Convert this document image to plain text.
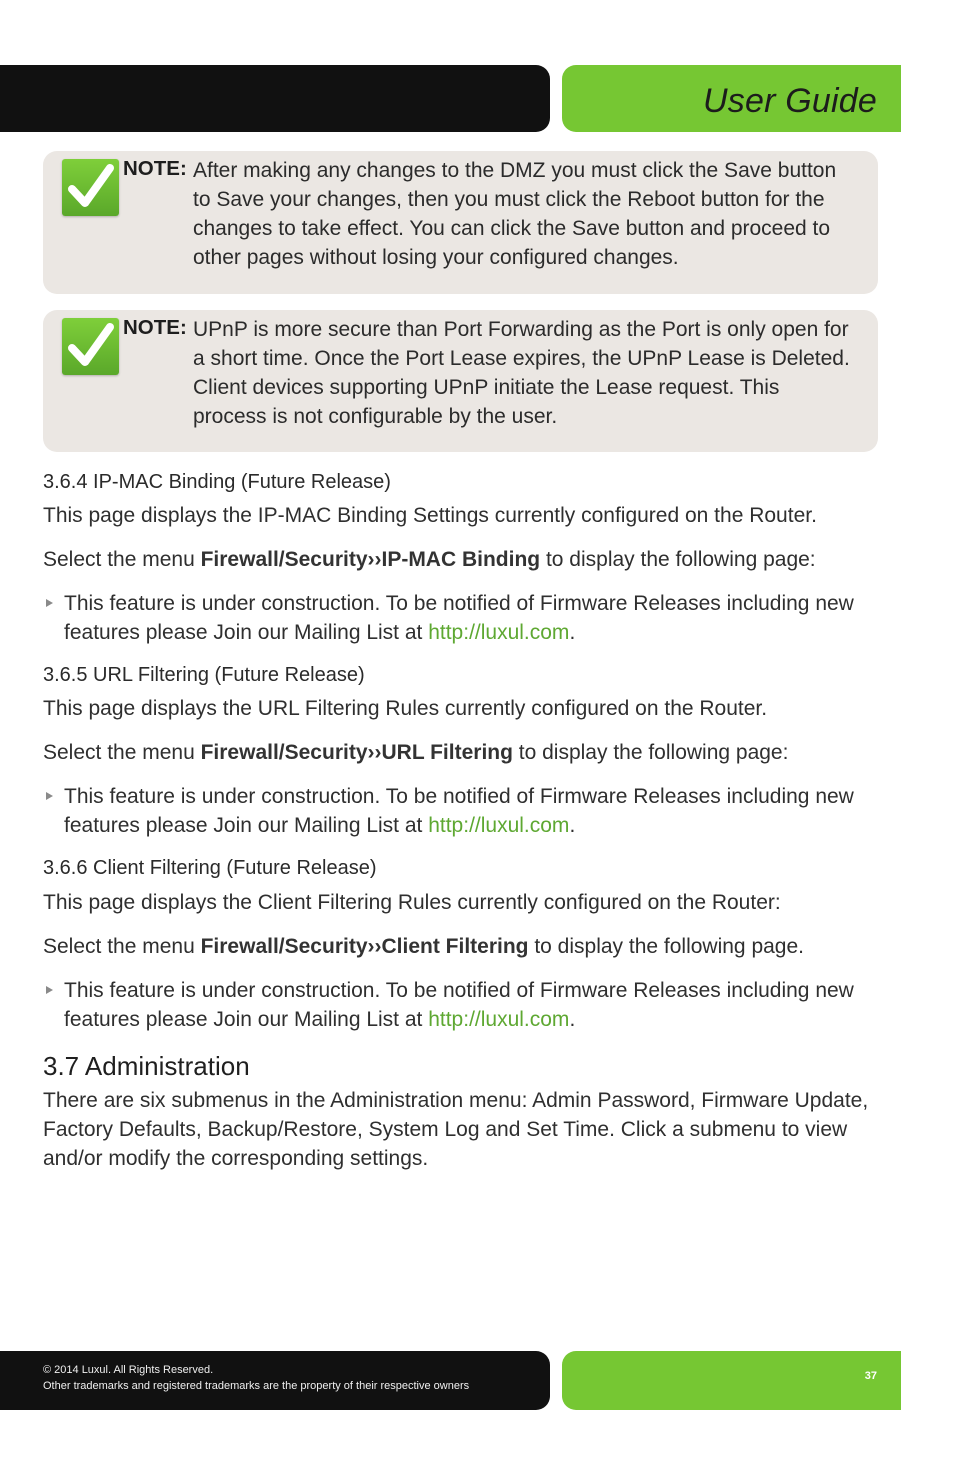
User Guide
NOTE: After making any changes to the DMZ you must click the Save button
to Save your changes, then you must click the Reboot button for the
changes to take effect. You can click the Save button and proceed to
other pages without losing your configured changes.
NOTE: UPnP is more secure than Port Forwarding as the Port is only open for
a short time. Once the Port Lease expires, the UPnP Lease is Deleted.
Client devices supporting UPnP initiate the Lease request. This
process is not configurable by the user.
3.6.4 IP-MAC Binding (Future Release)
This page displays the IP-MAC Binding Settings currently configured on the Router.
Select the menu Firewall/Security››IP-MAC Binding to display the following page:
This feature is under construction. To be notified of Firmware Releases including new
features please Join our Mailing List at http://luxul.com.
3.6.5 URL Filtering (Future Release)
This page displays the URL Filtering Rules currently configured on the Router.
Select the menu Firewall/Security››URL Filtering to display the following page:
This feature is under construction. To be notified of Firmware Releases including new
features please Join our Mailing List at http://luxul.com.
3.6.6 Client Filtering (Future Release)
This page displays the Client Filtering Rules currently configured on the Router:
Select the menu Firewall/Security››Client Filtering to display the following page.
This feature is under construction. To be notified of Firmware Releases including new
features please Join our Mailing List at http://luxul.com.
3.7 Administration
There are six submenus in the Administration menu: Admin Password, Firmware Update,
Factory Defaults, Backup/Restore, System Log and Set Time. Click a submenu to view
and/or modify the corresponding settings.
© 2014 Luxul. All Rights Reserved.
Other trademarks and registered trademarks are the property of their respective owners
37
